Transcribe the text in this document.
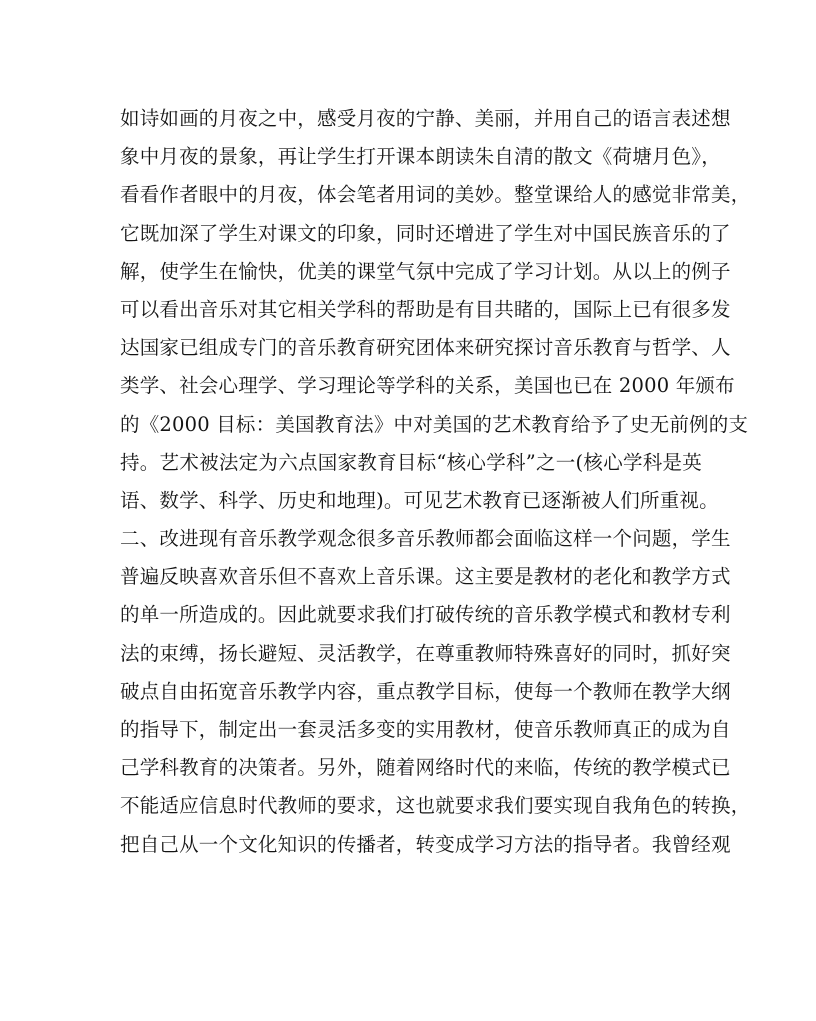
如诗如画的月夜之中，感受月夜的宁静、美丽，并用自己的语言表述想
象中月夜的景象，再让学生打开课本朗读朱自清的散文《荷塘月色》，
看看作者眼中的月夜，体会笔者用词的美妙。整堂课给人的感觉非常美，
它既加深了学生对课文的印象，同时还增进了学生对中国民族音乐的了
解，使学生在愉快，优美的课堂气氛中完成了学习计划。从以上的例子
可以看出音乐对其它相关学科的帮助是有目共睹的，国际上已有很多发
达国家已组成专门的音乐教育研究团体来研究探讨音乐教育与哲学、人
类学、社会心理学、学习理论等学科的关系，美国也已在 2000 年颁布
的《2000 目标：美国教育法》中对美国的艺术教育给予了史无前例的支
持。艺术被法定为六点国家教育目标“核心学科”之一(核心学科是英
语、数学、科学、历史和地理)。可见艺术教育已逐渐被人们所重视。
二、改进现有音乐教学观念很多音乐教师都会面临这样一个问题，学生
普遍反映喜欢音乐但不喜欢上音乐课。这主要是教材的老化和教学方式
的单一所造成的。因此就要求我们打破传统的音乐教学模式和教材专利
法的束缚，扬长避短、灵活教学，在尊重教师特殊喜好的同时，抓好突
破点自由拓宽音乐教学内容，重点教学目标，使每一个教师在教学大纲
的指导下，制定出一套灵活多变的实用教材，使音乐教师真正的成为自
己学科教育的决策者。另外，随着网络时代的来临，传统的教学模式已
不能适应信息时代教师的要求，这也就要求我们要实现自我角色的转换，
把自己从一个文化知识的传播者，转变成学习方法的指导者。我曾经观
